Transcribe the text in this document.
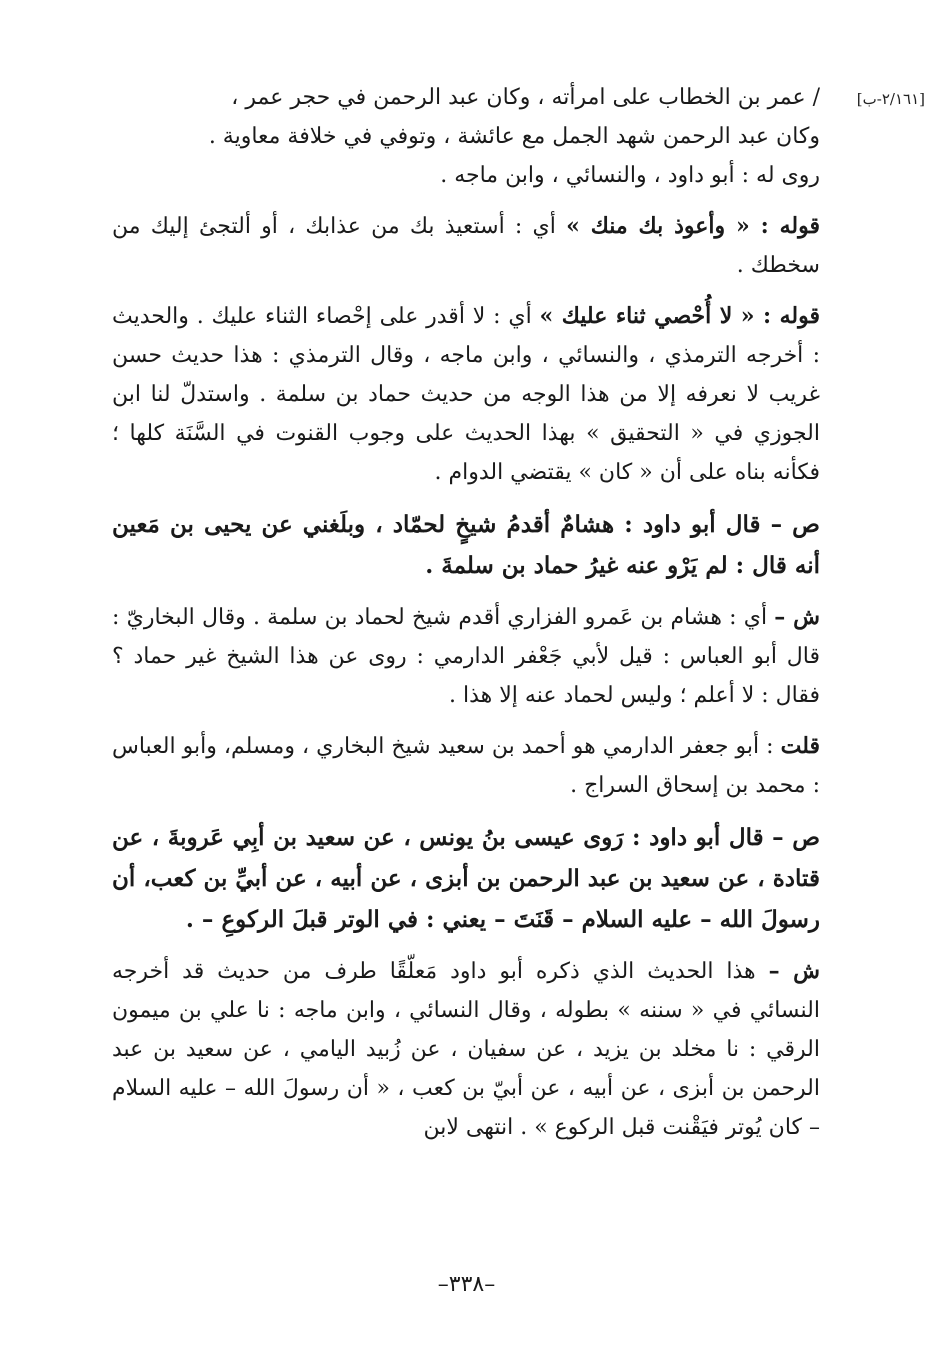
[٢/١٦١-ب]

/ عمر بن الخطاب على امرأته ، وكان عبد الرحمن في حجر عمر ،
وكان عبد الرحمن شهد الجمل مع عائشة ، وتوفي في خلافة معاوية .
روى له : أبو داود ، والنسائي ، وابن ماجه .

قوله : « وأعوذ بك منك » أي : أستعيذ بك من عذابك ، أو ألتجئ إليك من سخطك .

قوله : « لا أُحْصي ثناء عليك » أي : لا أقدر على إحْصاء الثناء عليك . والحديث : أخرجه الترمذي ، والنسائي ، وابن ماجه ، وقال الترمذي : هذا حديث حسن غريب لا نعرفه إلا من هذا الوجه من حديث حماد بن سلمة . واستدلّ لنا ابن الجوزي في « التحقيق » بهذا الحديث على وجوب القنوت في السَّنَة كلها ؛ فكأنه بناه على أن « كان » يقتضي الدوام .

ص – قال أبو داود : هشامٌ أقدمُ شيخٍ لحمّاد ، وبلَغني عن يحيى بن مَعين أنه قال : لم يَرْو عنه غيرُ حماد بن سلمةَ .

ش – أي : هشام بن عَمرو الفزاري أقدم شيخ لحماد بن سلمة . وقال البخاريّ : قال أبو العباس : قيل لأبي جَعْفر الدارمي : روى عن هذا الشيخ غير حماد ؟ فقال : لا أعلم ؛ وليس لحماد عنه إلا هذا .

قلت : أبو جعفر الدارمي هو أحمد بن سعيد شيخ البخاري ، ومسلم، وأبو العباس : محمد بن إسحاق السراج .

ص – قال أبو داود : رَوى عيسى بنُ يونس ، عن سعيد بن أبِي عَروبةَ ، عن قتادة ، عن سعيد بن عبد الرحمن بن أبزى ، عن أبيه ، عن أبيِّ بن كعب، أن رسولَ الله – عليه السلام – قَنَتَ – يعني : في الوتر قبلَ الركوعِ – .

ش – هذا الحديث الذي ذكره أبو داود مَعلّقًا طرف من حديث قد أخرجه النسائي في « سننه » بطوله ، وقال النسائي ، وابن ماجه : نا علي بن ميمون الرقي : نا مخلد بن يزيد ، عن سفيان ، عن زُبيد اليامي ، عن سعيد بن عبد الرحمن بن أبزى ، عن أبيه ، عن أبيّ بن كعب ، « أن رسولَ الله – عليه السلام – كان يُوتر فيَقْنت قبل الركوع » . انتهى لابن

–٣٣٨–
